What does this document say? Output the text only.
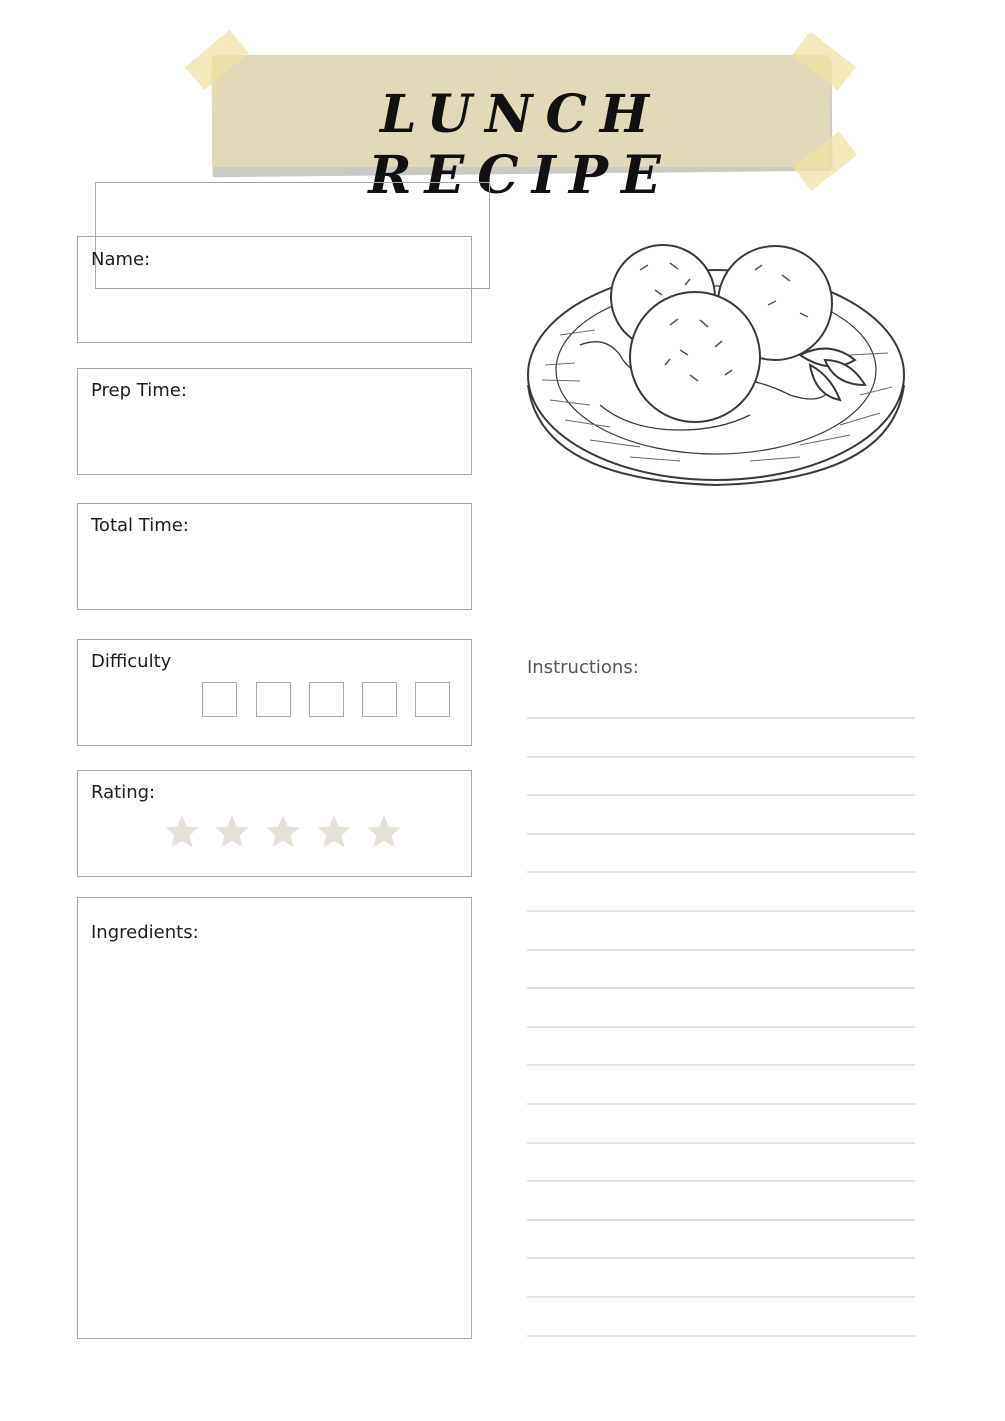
LUNCH RECIPE
Name:
Prep Time:
Total Time:
Difficulty
Rating:
Ingredients:
Instructions:
